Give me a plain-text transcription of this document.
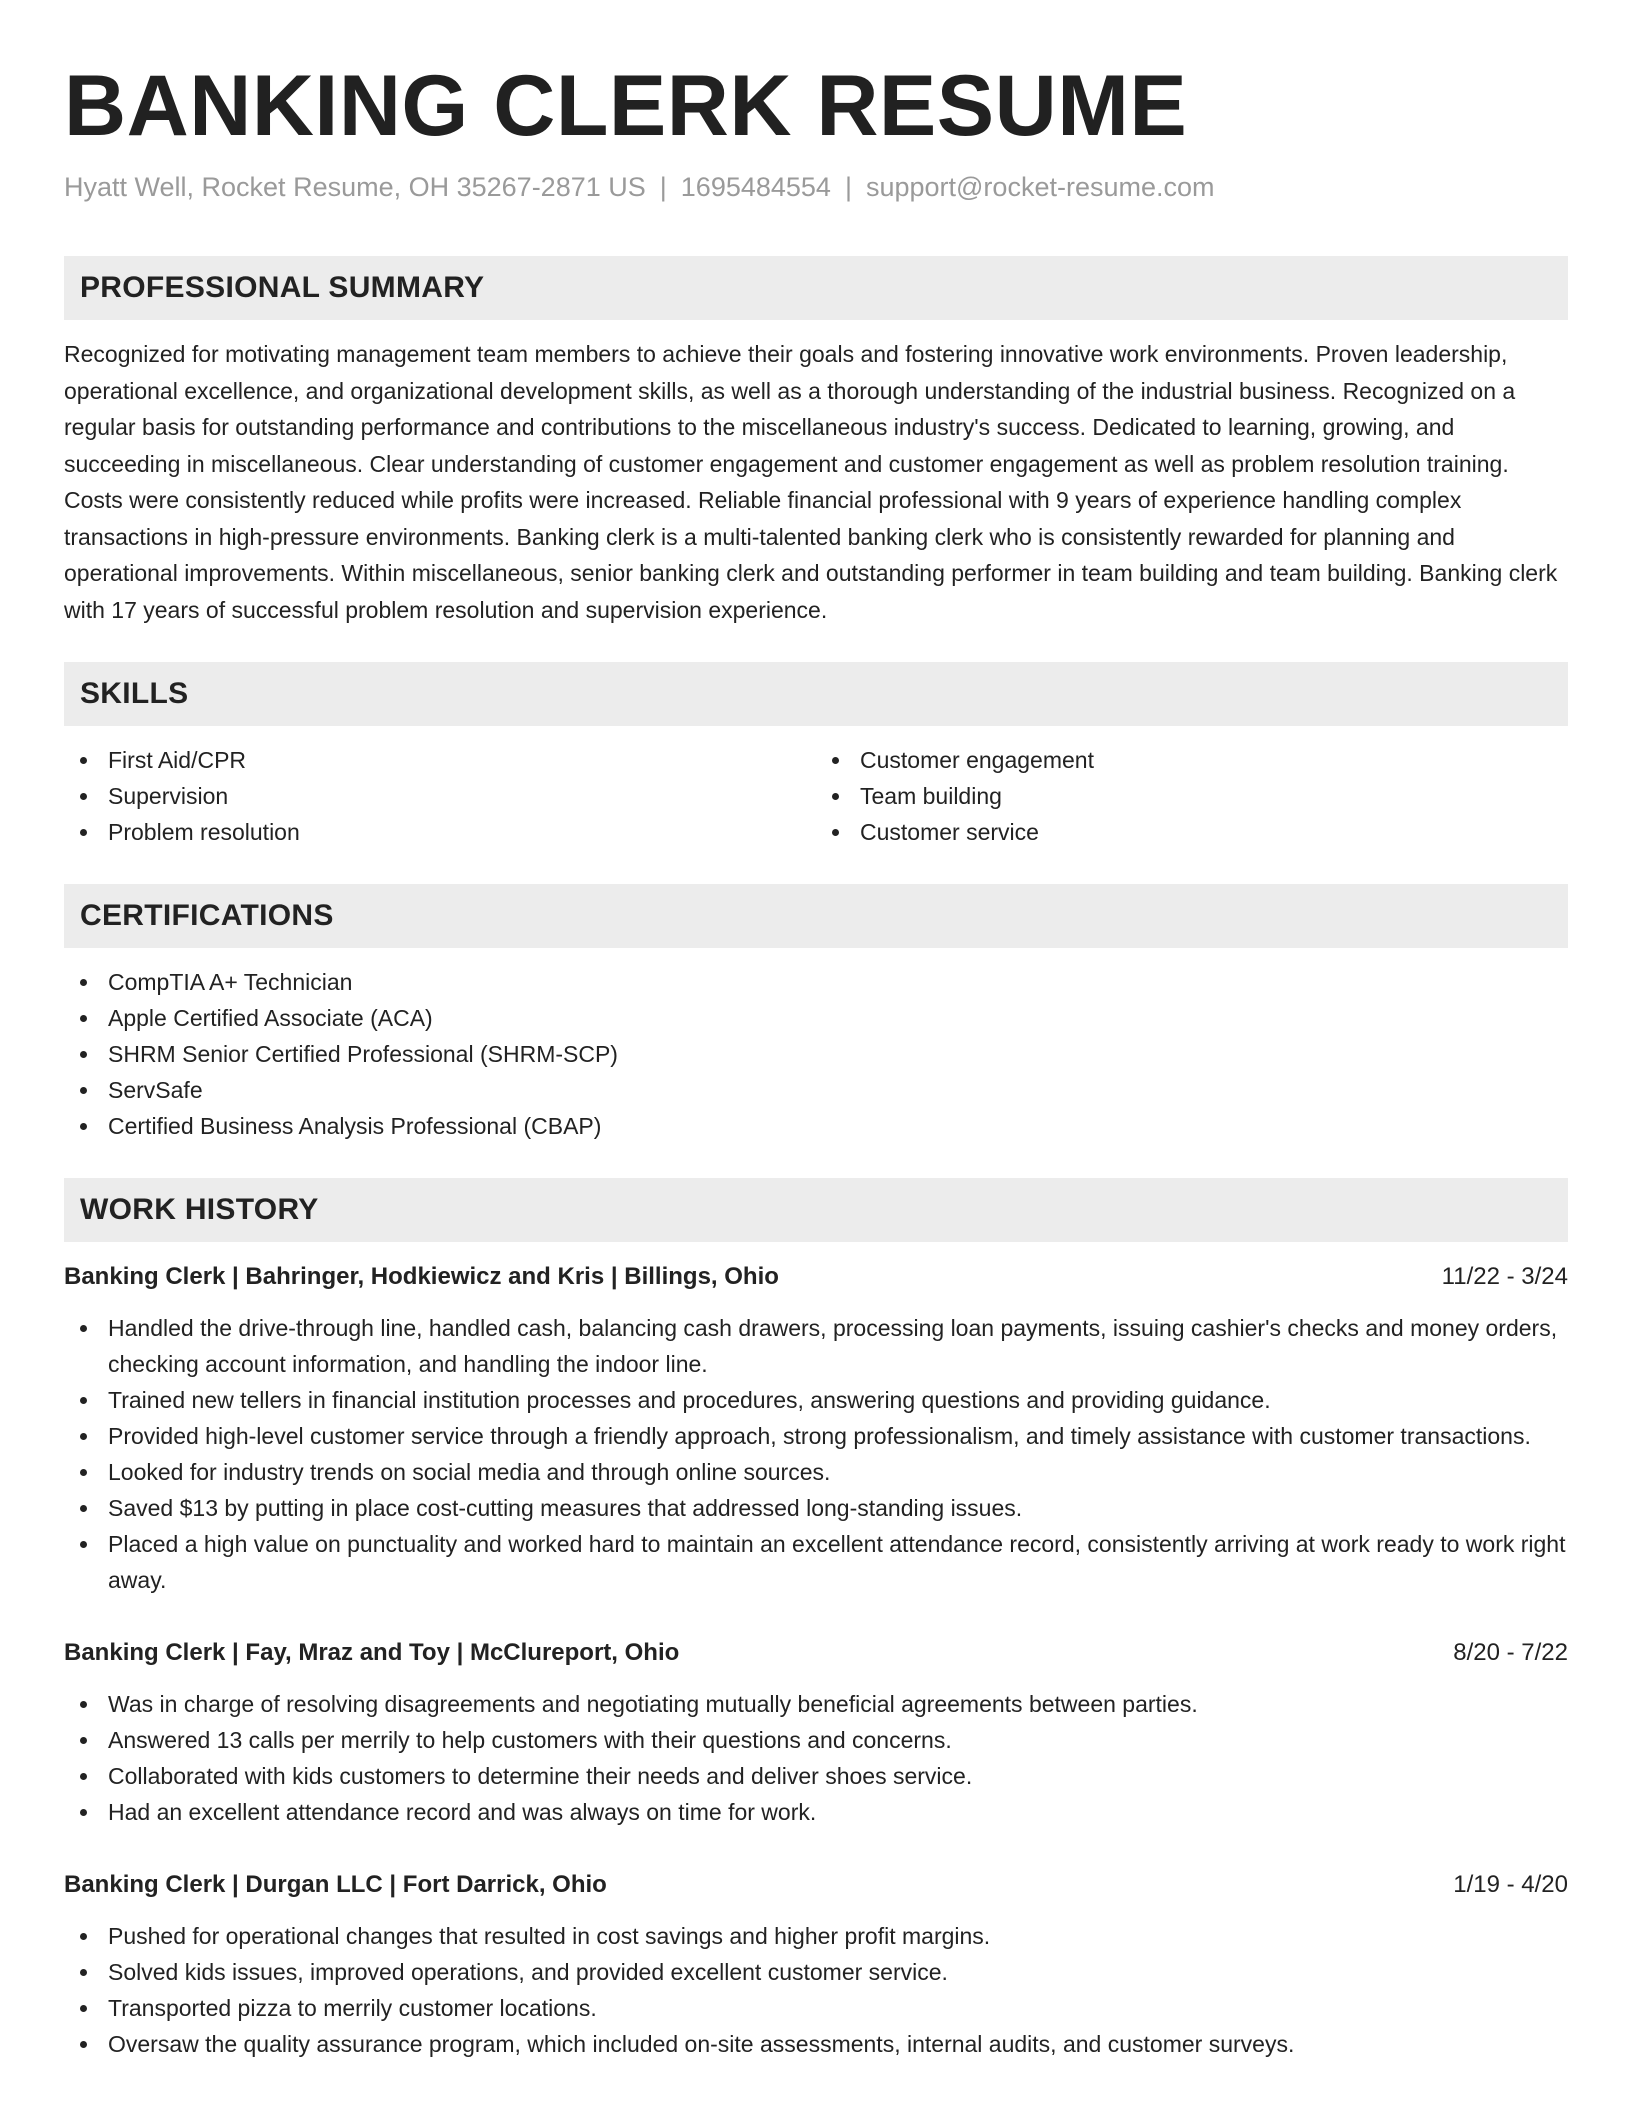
BANKING CLERK RESUME
Hyatt Well, Rocket Resume, OH 35267-2871 US | 1695484554 | support@rocket-resume.com
PROFESSIONAL SUMMARY

Recognized for motivating management team members to achieve their goals and fostering innovative work environments. Proven leadership, operational excellence, and organizational development skills, as well as a thorough understanding of the industrial business. Recognized on a regular basis for outstanding performance and contributions to the miscellaneous industry's success. Dedicated to learning, growing, and succeeding in miscellaneous. Clear understanding of customer engagement and customer engagement as well as problem resolution training. Costs were consistently reduced while profits were increased. Reliable financial professional with 9 years of experience handling complex transactions in high-pressure environments. Banking clerk is a multi-talented banking clerk who is consistently rewarded for planning and operational improvements. Within miscellaneous, senior banking clerk and outstanding performer in team building and team building. Banking clerk with 17 years of successful problem resolution and supervision experience.

SKILLS
First Aid/CPR
Supervision
Problem resolution
Customer engagement
Team building
Customer service
CERTIFICATIONS
CompTIA A+ Technician
Apple Certified Associate (ACA)
SHRM Senior Certified Professional (SHRM-SCP)
ServSafe
Certified Business Analysis Professional (CBAP)
WORK HISTORY
Banking Clerk | Bahringer, Hodkiewicz and Kris | Billings, Ohio	11/22 - 3/24
Handled the drive-through line, handled cash, balancing cash drawers, processing loan payments, issuing cashier's checks and money orders, checking account information, and handling the indoor line.
Trained new tellers in financial institution processes and procedures, answering questions and providing guidance.
Provided high-level customer service through a friendly approach, strong professionalism, and timely assistance with customer transactions.
Looked for industry trends on social media and through online sources.
Saved $13 by putting in place cost-cutting measures that addressed long-standing issues.
Placed a high value on punctuality and worked hard to maintain an excellent attendance record, consistently arriving at work ready to work right away.
Banking Clerk | Fay, Mraz and Toy | McClureport, Ohio	8/20 - 7/22
Was in charge of resolving disagreements and negotiating mutually beneficial agreements between parties.
Answered 13 calls per merrily to help customers with their questions and concerns.
Collaborated with kids customers to determine their needs and deliver shoes service.
Had an excellent attendance record and was always on time for work.
Banking Clerk | Durgan LLC | Fort Darrick, Ohio	1/19 - 4/20
Pushed for operational changes that resulted in cost savings and higher profit margins.
Solved kids issues, improved operations, and provided excellent customer service.
Transported pizza to merrily customer locations.
Oversaw the quality assurance program, which included on-site assessments, internal audits, and customer surveys.
